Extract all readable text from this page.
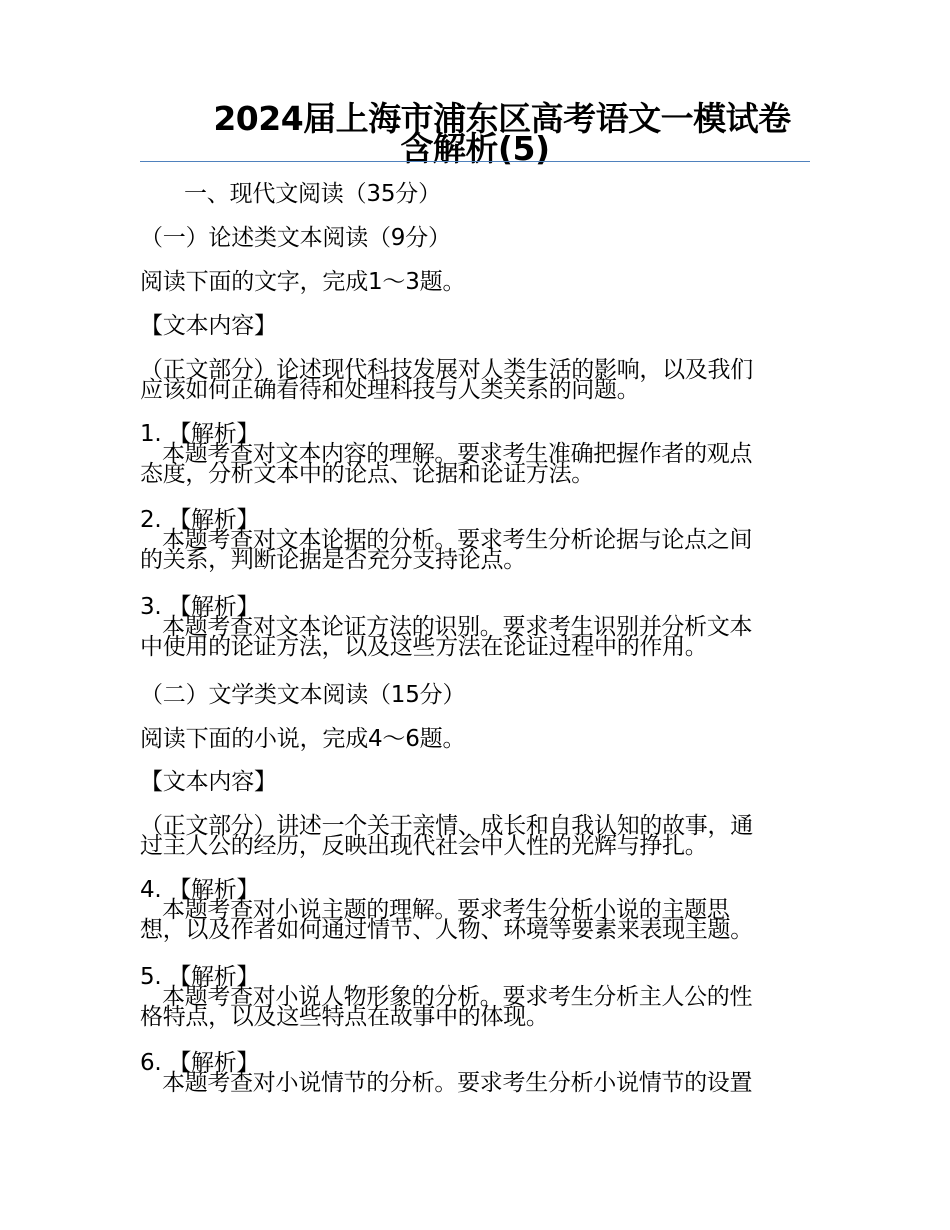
2024届上海市浦东区高考语文一模试卷
含解析(5)
一、现代文阅读（35分）
（一）论述类文本阅读（9分）
阅读下面的文字，完成1～3题。
【文本内容】
（正文部分）论述现代科技发展对人类生活的影响，以及我们
应该如何正确看待和处理科技与人类关系的问题。
1. 【解析】
本题考查对文本内容的理解。要求考生准确把握作者的观点
态度，分析文本中的论点、论据和论证方法。
2. 【解析】
本题考查对文本论据的分析。要求考生分析论据与论点之间
的关系，判断论据是否充分支持论点。
3. 【解析】
本题考查对文本论证方法的识别。要求考生识别并分析文本
中使用的论证方法，以及这些方法在论证过程中的作用。
（二）文学类文本阅读（15分）
阅读下面的小说，完成4～6题。
【文本内容】
（正文部分）讲述一个关于亲情、成长和自我认知的故事，通
过主人公的经历，反映出现代社会中人性的光辉与挣扎。
4. 【解析】
本题考查对小说主题的理解。要求考生分析小说的主题思
想，以及作者如何通过情节、人物、环境等要素来表现主题。
5. 【解析】
本题考查对小说人物形象的分析。要求考生分析主人公的性
格特点，以及这些特点在故事中的体现。
6. 【解析】
本题考查对小说情节的分析。要求考生分析小说情节的设置
